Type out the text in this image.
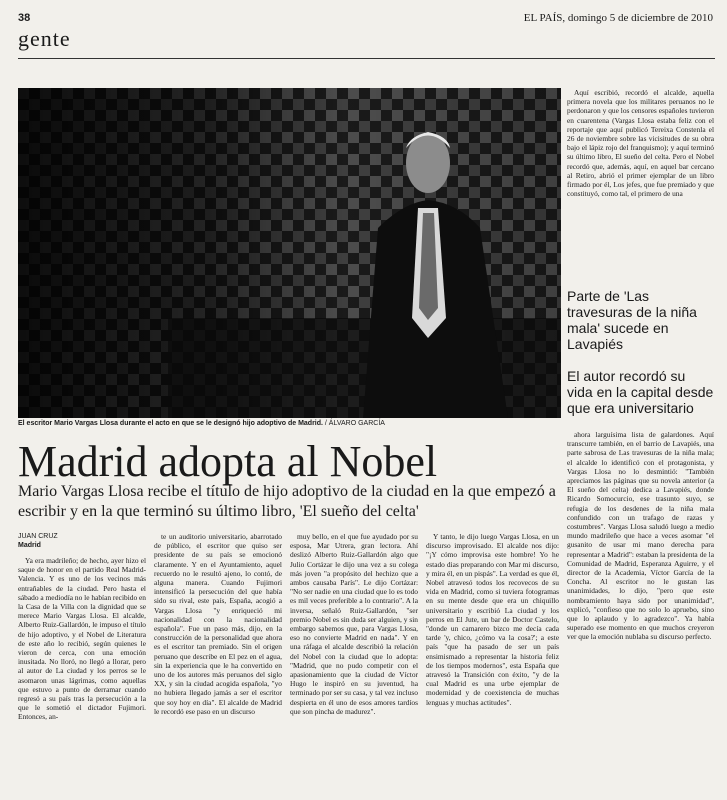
38	EL PAÍS, domingo 5 de diciembre de 2010
gente
El escritor Mario Vargas Llosa durante el acto en que se le designó hijo adoptivo de Madrid. / ÁLVARO GARCÍA
Madrid adopta al Nobel
Mario Vargas Llosa recibe el título de hijo adoptivo de la ciudad en la que empezó a escribir y en la que terminó su último libro, 'El sueño del celta'
JUAN CRUZ
Madrid

Ya era madrileño; de hecho, ayer hizo el saque de honor en el partido Real Madrid-Valencia. Y es uno de los vecinos más entrañables de la ciudad. Pero hasta el sábado a mediodía no le habían recibido en la Casa de la Villa con la dignidad que se merece Mario Vargas Llosa. El alcalde, Alberto Ruiz-Gallardón, le impuso el título de hijo adoptivo, y el Nobel de Literatura de este año lo recibió, según quienes le vieron de cerca, con una emoción inusitada. No lloró, no llegó a llorar, pero al autor de La ciudad y los perros se le asomaron unas lágrimas, como aquellas que estuvo a punto de derramar cuando regresó a su país tras la persecución a la que le sometió el dictador Fujimori. Entonces, an-

te un auditorio universitario, abarrotado de público, el escritor que quiso ser presidente de su país se emocionó claramente. Y en el Ayuntamiento, aquel recuerdo no le resultó ajeno, lo contó, de alguna manera. Cuando Fujimori intensificó la persecución del que había sido su rival, este país, España, acogió a Vargas Llosa "y enriqueció mi nacionalidad con la nacionalidad española". Fue un paso más, dijo, en la construcción de la personalidad que ahora es el escritor tan premiado. Sin el origen peruano que describe en El pez en el agua, sin la experiencia que le ha convertido en uno de los autores más peruanos del siglo XX, y sin la ciudad acogida española, "yo no hubiera llegado jamás a ser el escritor que soy hoy en día". El alcalde de Madrid le recordó ese paso en un discurso

muy bello, en el que fue ayudado por su esposa, Mar Utrera, gran lectora. Ahí deslizó Alberto Ruiz-Gallardón algo que Julio Cortázar le dijo una vez a su colega más joven "a propósito del hechizo que a ambos causaba París". Le dijo Cortázar: "No ser nadie en una ciudad que lo es todo es mil veces preferible a lo contrario". A la inversa, señaló Ruiz-Gallardón, "ser premio Nobel es sin duda ser alguien, y sin embargo sabemos que, para Vargas Llosa, eso no convierte Madrid en nada". Y en una ráfaga el alcalde describió la relación del Nobel con la ciudad que lo adopta: "Madrid, que no pudo competir con el apasionamiento que la ciudad de Víctor Hugo le inspiró en su juventud, ha terminado por ser su casa, y tal vez incluso despierta en él uno de esos amores tardíos que son pincha de madurez".

Y tanto, le dijo luego Vargas Llosa, en un discurso improvisado. El alcalde nos dijo: "¡Y cómo improvisa este hombre! Yo he estado dias preparando con Mar mi discurso, y mira él, en un pispás". La verdad es que él, Nobel atravesó todos los recovecos de su vida en Madrid, como si tuviera fotogramas en su mente desde que era un chiquillo universitario y escribió La ciudad y los perros en El Jute, un bar de Doctor Castelo, "donde un camarero bizco me decía cada tarde 'y, chico, ¿cómo va la cosa?'; a este país "que ha pasado de ser un país ensimismado a representar la historia feliz de los tiempos modernos", esta España que atravesó la Transición con éxito, "y de la cual Madrid es una urbe ejemplar de modernidad y de coexistencia de muchas lenguas y muchas actitudes".

Aquí escribió, recordó el alcalde, aquella primera novela que los militares peruanos no le perdonaron y que los censores españoles tuvieron en cuarentena (Vargas Llosa estaba feliz con el reportaje que aquí publicó Tereixa Constenla el 26 de noviembre sobre las vicisitudes de su obra bajo el lápiz rojo del franquismo); y aquí terminó su último libro, El sueño del celta. Pero el Nobel recordó que, además, aquí, en aquel bar cercano al Retiro, abrió el primer ejemplar de un libro firmado por él, Los jefes, que fue premiado y que constituyó, como tal, el primero de una

Parte de 'Las travesuras de la niña mala' sucede en Lavapiés
El autor recordó su vida en la capital desde que era universitario

ahora larguísima lista de galardones. Aquí transcurre también, en el barrio de Lavapiés, una parte sabrosa de Las travesuras de la niña mala; el alcalde lo identificó con el protagonista, y Vargas Llosa no lo desmintió: "También apreciamos las páginas que su novela anterior (a El sueño del celta) dedica a Lavapiés, donde Ricardo Somocurcio, ese trasunto suyo, se refugia de los desdenes de la niña mala confundido con un trafago de razas y costumbres". Vargas Llosa saludó luego a medio mundo madrileño que hace a veces asomar "el gusanito de usar mi mano derecha para representar a Madrid": estaban la presidenta de la Comunidad de Madrid, Esperanza Aguirre, y el director de la Academia, Víctor García de la Concha. Al escritor no le gustan las unanimidades, lo dijo, "pero que este nombramiento haya sido por unanimidad", explicó, "confieso que no solo lo apruebo, sino que lo aplaudo y lo agradezco". Ya había superado ese momento en que muchos creyeron ver que la emoción nublaba su discurso perfecto.
